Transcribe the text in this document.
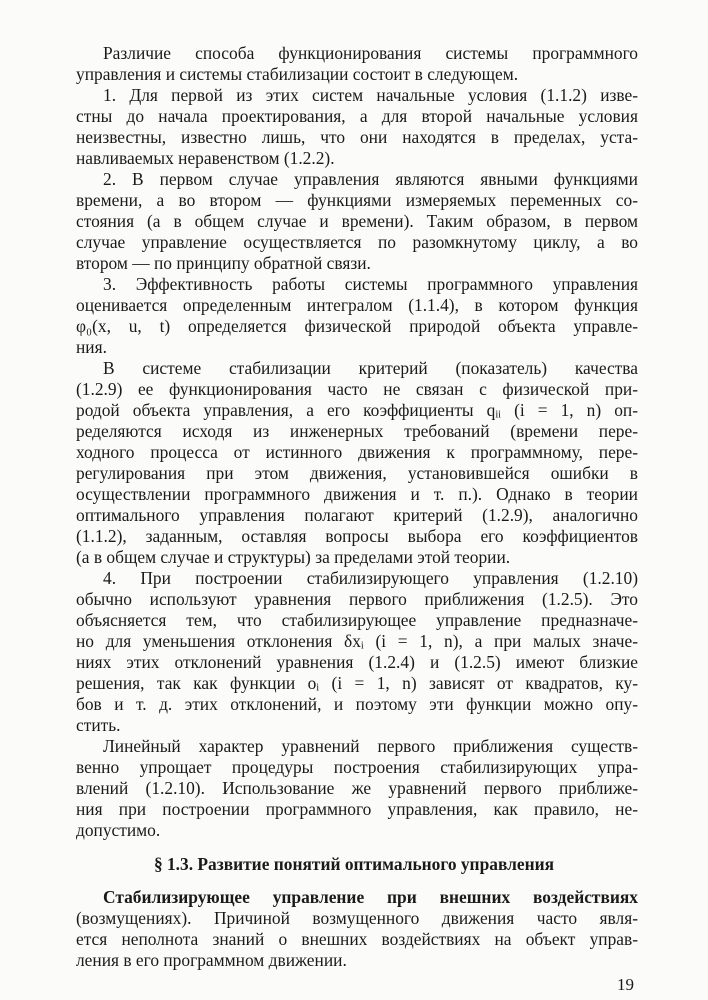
Различие способа функционирования системы программного
управления и системы стабилизации состоит в следующем.
1. Для первой из этих систем начальные условия (1.1.2) изве-
стны до начала проектирования, а для второй начальные условия
неизвестны, известно лишь, что они находятся в пределах, уста-
навливаемых неравенством (1.2.2).
2. В первом случае управления являются явными функциями
времени, а во втором — функциями измеряемых переменных со-
стояния (а в общем случае и времени). Таким образом, в первом
случае управление осуществляется по разомкнутому циклу, а во
втором — по принципу обратной связи.
3. Эффективность работы системы программного управления
оценивается определенным интегралом (1.1.4), в котором функция
φ₀(x, u, t) определяется физической природой объекта управле-
ния.
В системе стабилизации критерий (показатель) качества
(1.2.9) ее функционирования часто не связан с физической при-
родой объекта управления, а его коэффициенты qᵢᵢ (i = 1, n) оп-
ределяются исходя из инженерных требований (времени пере-
ходного процесса от истинного движения к программному, пере-
регулирования при этом движения, установившейся ошибки в
осуществлении программного движения и т. п.). Однако в теории
оптимального управления полагают критерий (1.2.9), аналогично
(1.1.2), заданным, оставляя вопросы выбора его коэффициентов
(а в общем случае и структуры) за пределами этой теории.
4. При построении стабилизирующего управления (1.2.10)
обычно используют уравнения первого приближения (1.2.5). Это
объясняется тем, что стабилизирующее управление предназначе-
но для уменьшения отклонения δxᵢ (i = 1, n), а при малых значе-
ниях этих отклонений уравнения (1.2.4) и (1.2.5) имеют близкие
решения, так как функции oᵢ (i = 1, n) зависят от квадратов, ку-
бов и т. д. этих отклонений, и поэтому эти функции можно опу-
стить.
Линейный характер уравнений первого приближения существ-
венно упрощает процедуры построения стабилизирующих упра-
влений (1.2.10). Использование же уравнений первого приближе-
ния при построении программного управления, как правило, не-
допустимо.
§ 1.3. Развитие понятий оптимального управления
Стабилизирующее управление при внешних воздействиях
(возмущениях). Причиной возмущенного движения часто явля-
ется неполнота знаний о внешних воздействиях на объект управ-
ления в его программном движении.
19
